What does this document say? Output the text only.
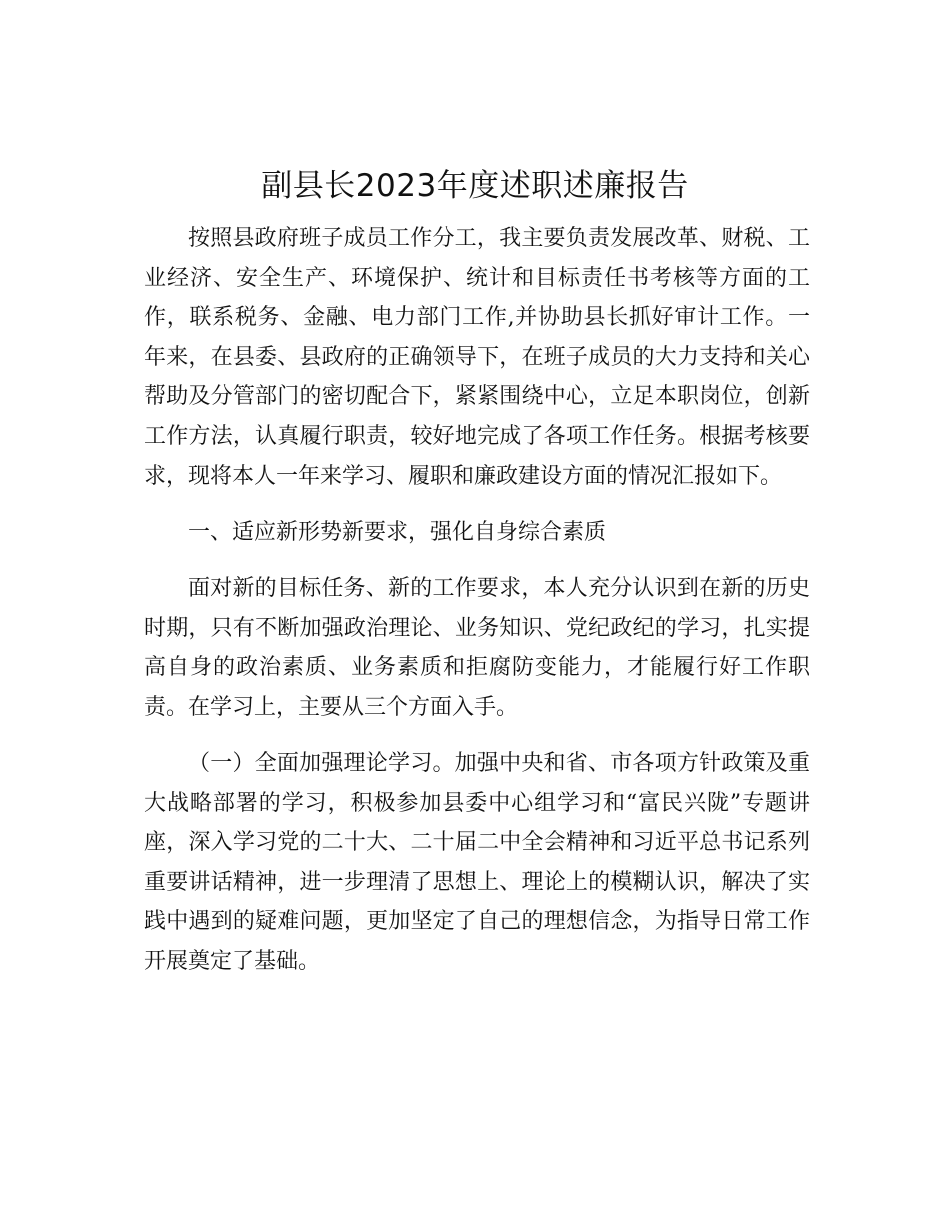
副县长2023年度述职述廉报告

按照县政府班子成员工作分工，我主要负责发展改革、财税、工业经济、安全生产、环境保护、统计和目标责任书考核等方面的工作，联系税务、金融、电力部门工作,并协助县长抓好审计工作。一年来，在县委、县政府的正确领导下，在班子成员的大力支持和关心帮助及分管部门的密切配合下，紧紧围绕中心，立足本职岗位，创新工作方法，认真履行职责，较好地完成了各项工作任务。根据考核要求，现将本人一年来学习、履职和廉政建设方面的情况汇报如下。

一、适应新形势新要求，强化自身综合素质

面对新的目标任务、新的工作要求，本人充分认识到在新的历史时期，只有不断加强政治理论、业务知识、党纪政纪的学习，扎实提高自身的政治素质、业务素质和拒腐防变能力，才能履行好工作职责。在学习上，主要从三个方面入手。

（一）全面加强理论学习。加强中央和省、市各项方针政策及重大战略部署的学习，积极参加县委中心组学习和“富民兴陇”专题讲座，深入学习党的二十大、二十届二中全会精神和习近平总书记系列重要讲话精神，进一步理清了思想上、理论上的模糊认识，解决了实践中遇到的疑难问题，更加坚定了自己的理想信念，为指导日常工作开展奠定了基础。
